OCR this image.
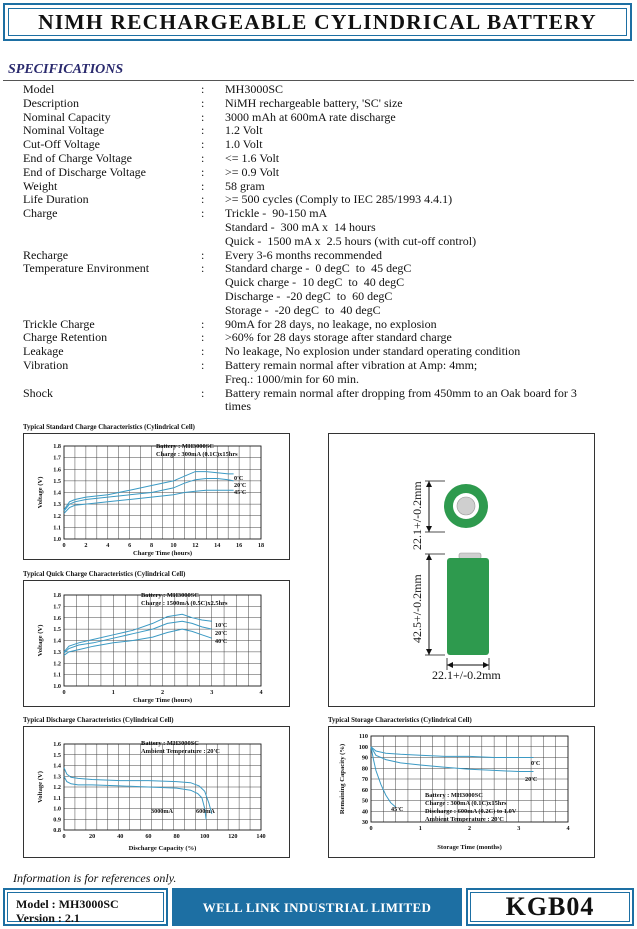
NIMH RECHARGEABLE CYLINDRICAL BATTERY
SPECIFICATIONS
Model	: MH3000SC
Description	: NiMH rechargeable battery, 'SC' size
Nominal Capacity	: 3000 mAh at 600mA rate discharge
Nominal Voltage	: 1.2 Volt
Cut-Off Voltage	: 1.0 Volt
End of Charge Voltage	: <= 1.6 Volt
End of Discharge Voltage	: >= 0.9 Volt
Weight	: 58 gram
Life Duration	: >= 500 cycles (Comply to IEC 285/1993 4.4.1)
Charge	: Trickle -  90-150 mA
Standard -  300 mA x  14 hours
Quick -  1500 mA x  2.5 hours (with cut-off control)
Recharge	: Every 3-6 months recommended
Temperature Environment	: Standard charge -  0 degC  to  45 degC
Quick charge -  10 degC  to  40 degC
Discharge -  -20 degC  to  60 degC
Storage -  -20 degC  to  40 degC
Trickle Charge	: 90mA for 28 days, no leakage, no explosion
Charge Retention	: >60% for 28 days storage after standard charge
Leakage	: No leakage, No explosion under standard operating condition
Vibration	: Battery remain normal after vibration at Amp: 4mm;
Freq.: 1000/min for 60 min.
Shock	: Battery remain normal after dropping from 450mm to an Oak board for 3
times
Typical Standard Charge Characteristics (Cylindrical Cell)
0	2	4	6	8	10	12	14	16	18
1.0
1.1
1.2
1.3
1.4
1.5
1.6
1.7
1.8
Charge Time (hours)
Voltage (V)
Battery : MH3000SC
Charge : 300mA (0.1C)x15hrs
0'C
20'C
45'C
Typical Quick Charge Characteristics (Cylindrical Cell)
0	1	2	3	4
1.0
1.1
1.2
1.3
1.4
1.5
1.6
1.7
1.8
Charge Time (hours)
Voltage (V)
Battery : MH3000SC
Charge : 1500mA (0.5C)x2.5hrs
10'C
20'C
40'C
Typical Discharge Characteristics (Cylindrical Cell)
0	20	40	60	80	100	120	140
0.8
0.9
1.0
1.1
1.2
1.3
1.4
1.5
1.6
Discharge Capacity (%)
Voltage (V)
Battery : MH3000SC
Ambient Temperature : 20'C
3000mA	600mA
Typical Storage Characteristics (Cylindrical Cell)
0	1	2	3	4
30
40
50
60
70
80
90
100
110
Storage Time (months)
Remaining Capacity (%)	Battery : MH3000SC
Charge : 300mA (0.1C)x15hrs
Discharge : 600mA (0.2C) to 1.0V
Ambient Temperature : 20'C
0'C
20'C
45'C
22.1+/-0.2mm
42.5+/-0.2mm
22.1+/-0.2mm
Information is for references only.
Model : MH3000SC
Version : 2.1
WELL LINK INDUSTRIAL LIMITED	KGB04
